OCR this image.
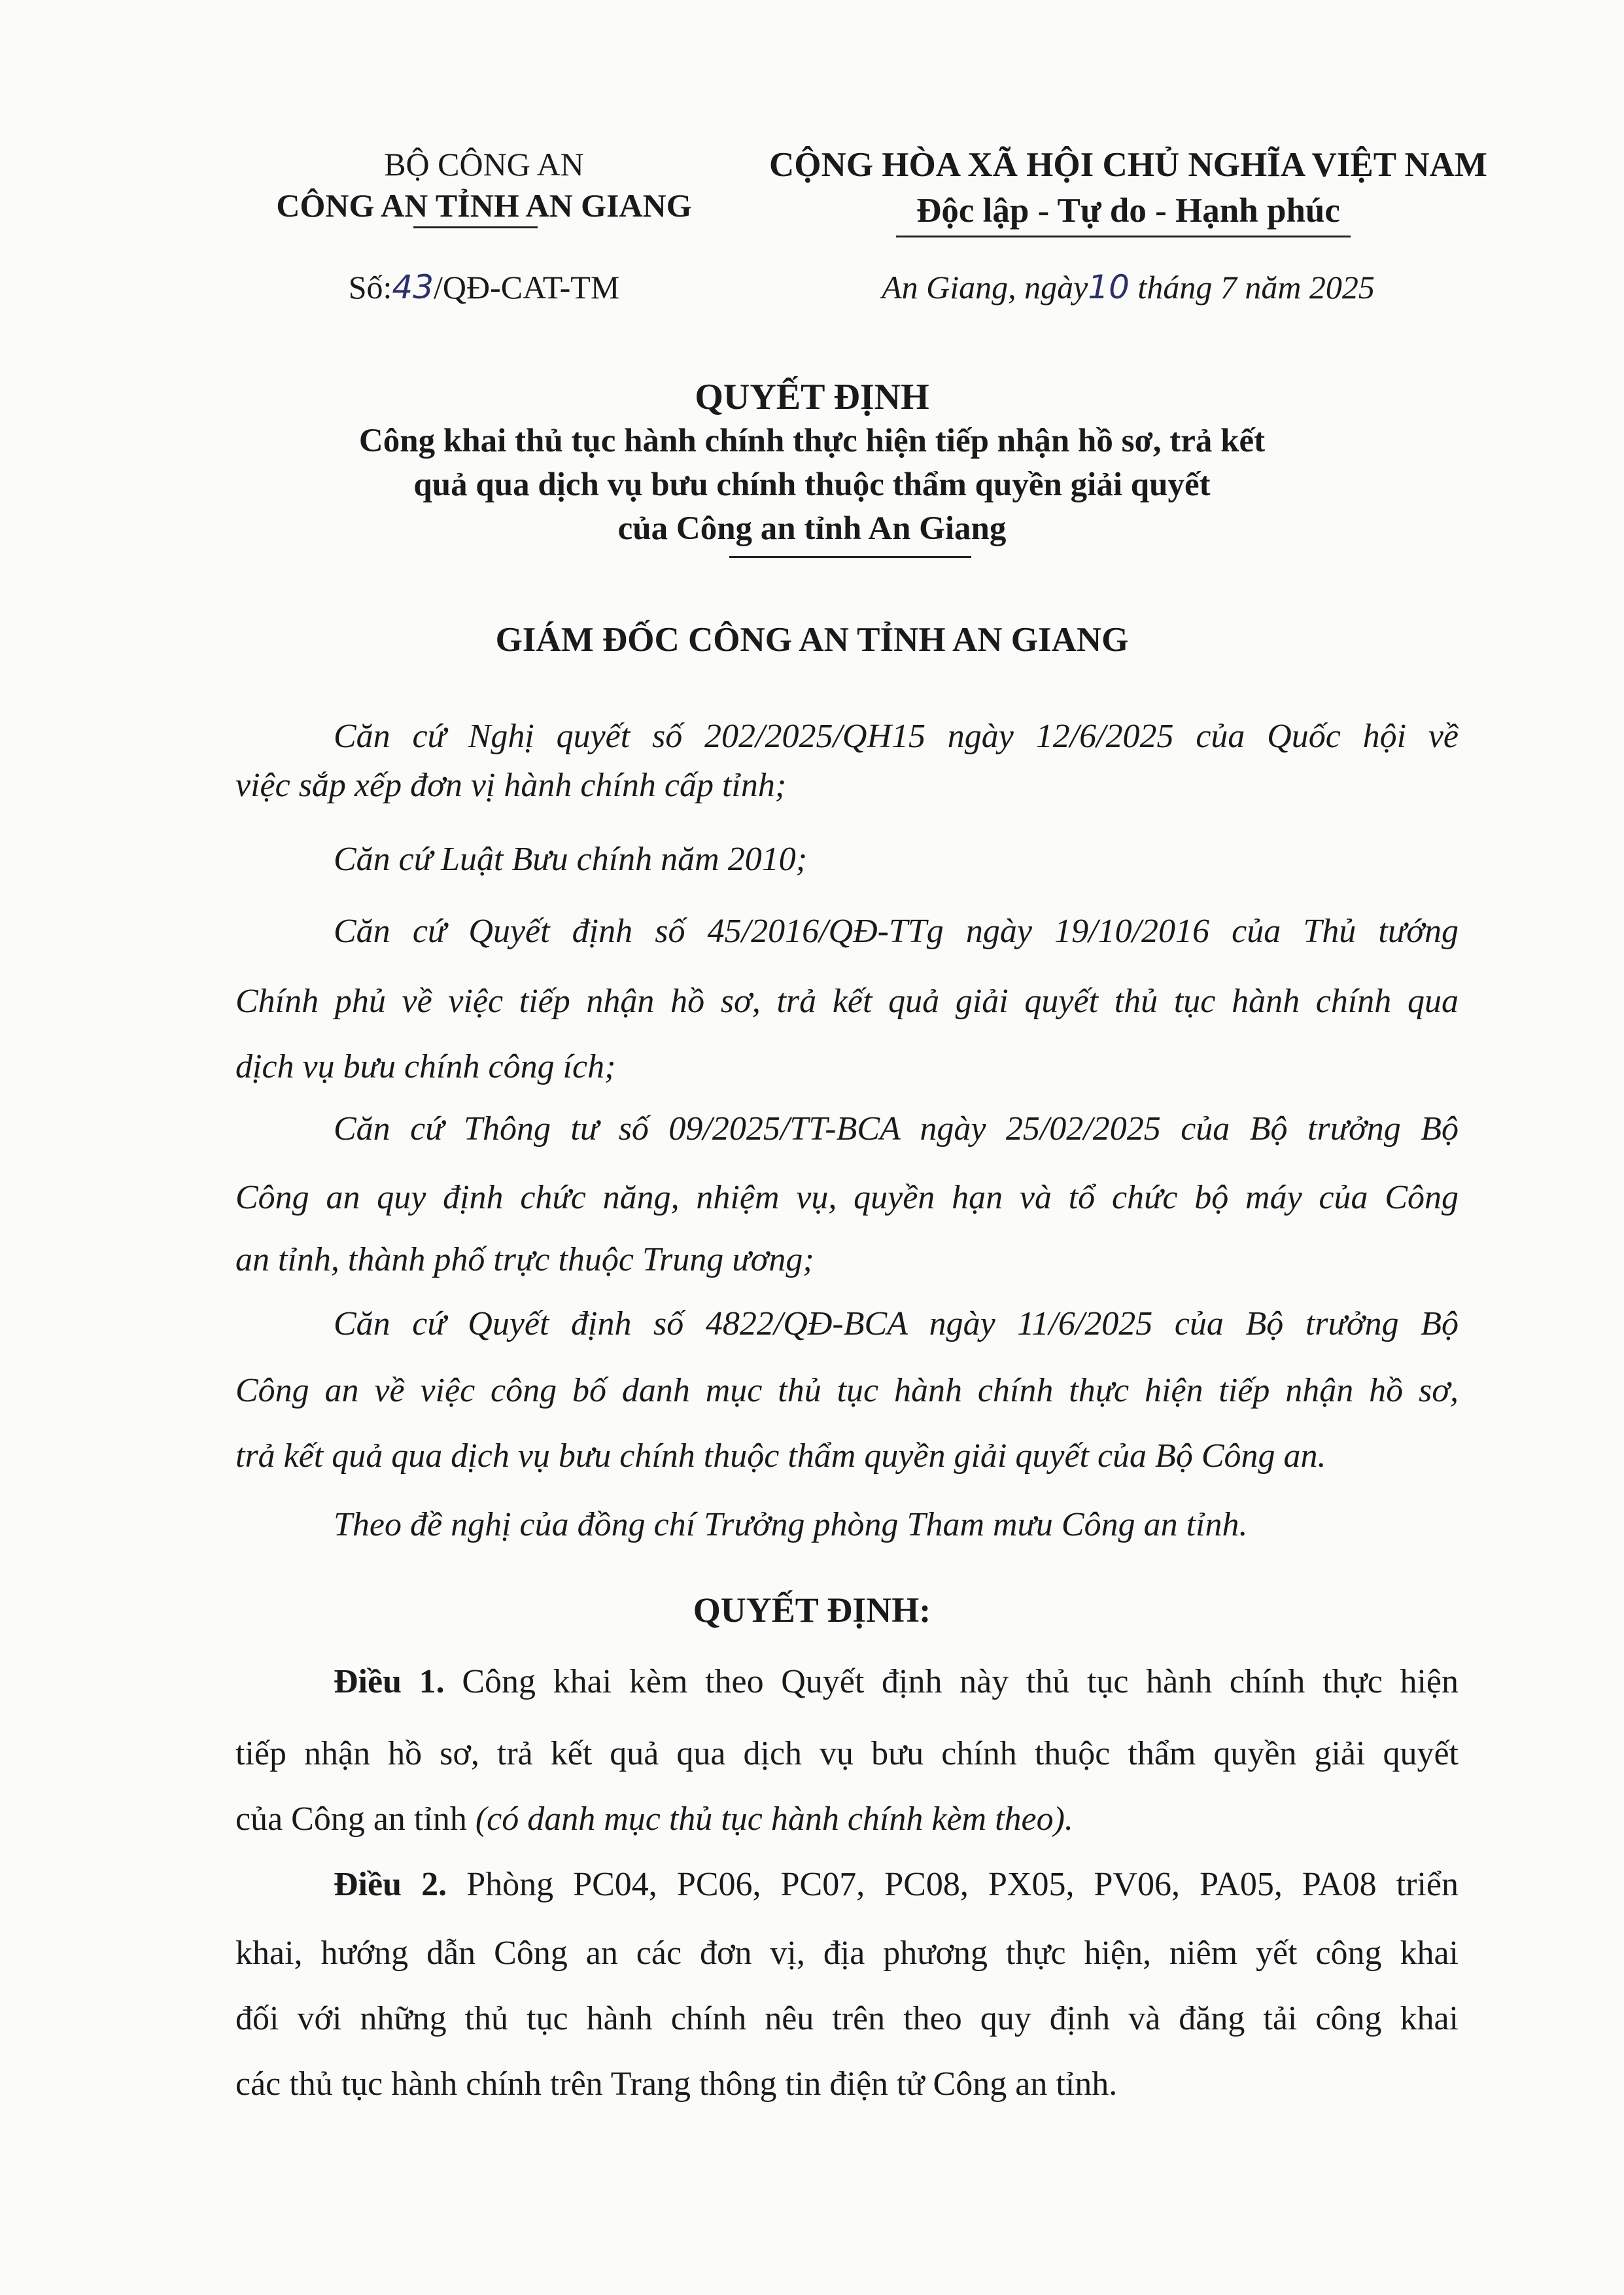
BỘ CÔNG AN
CÔNG AN TỈNH AN GIANG
Số:43/QĐ-CAT-TM
CỘNG HÒA XÃ HỘI CHỦ NGHĨA VIỆT NAM
Độc lập - Tự do - Hạnh phúc
An Giang, ngày10 tháng 7 năm 2025
QUYẾT ĐỊNH
Công khai thủ tục hành chính thực hiện tiếp nhận hồ sơ, trả kết
quả qua dịch vụ bưu chính thuộc thẩm quyền giải quyết
của Công an tỉnh An Giang
GIÁM ĐỐC CÔNG AN TỈNH AN GIANG
Căn cứ Nghị quyết số 202/2025/QH15 ngày 12/6/2025 của Quốc hội về
việc sắp xếp đơn vị hành chính cấp tỉnh;
Căn cứ Luật Bưu chính năm 2010;
Căn cứ Quyết định số 45/2016/QĐ-TTg ngày 19/10/2016 của Thủ tướng
Chính phủ về việc tiếp nhận hồ sơ, trả kết quả giải quyết thủ tục hành chính qua
dịch vụ bưu chính công ích;
Căn cứ Thông tư số 09/2025/TT-BCA ngày 25/02/2025 của Bộ trưởng Bộ
Công an quy định chức năng, nhiệm vụ, quyền hạn và tổ chức bộ máy của Công
an tỉnh, thành phố trực thuộc Trung ương;
Căn cứ Quyết định số 4822/QĐ-BCA ngày 11/6/2025 của Bộ trưởng Bộ
Công an về việc công bố danh mục thủ tục hành chính thực hiện tiếp nhận hồ sơ,
trả kết quả qua dịch vụ bưu chính thuộc thẩm quyền giải quyết của Bộ Công an.
Theo đề nghị của đồng chí Trưởng phòng Tham mưu Công an tỉnh.
QUYẾT ĐỊNH:
Điều 1. Công khai kèm theo Quyết định này thủ tục hành chính thực hiện
tiếp nhận hồ sơ, trả kết quả qua dịch vụ bưu chính thuộc thẩm quyền giải quyết
của Công an tỉnh (có danh mục thủ tục hành chính kèm theo).
Điều 2. Phòng PC04, PC06, PC07, PC08, PX05, PV06, PA05, PA08 triển
khai, hướng dẫn Công an các đơn vị, địa phương thực hiện, niêm yết công khai
đối với những thủ tục hành chính nêu trên theo quy định và đăng tải công khai
các thủ tục hành chính trên Trang thông tin điện tử Công an tỉnh.
